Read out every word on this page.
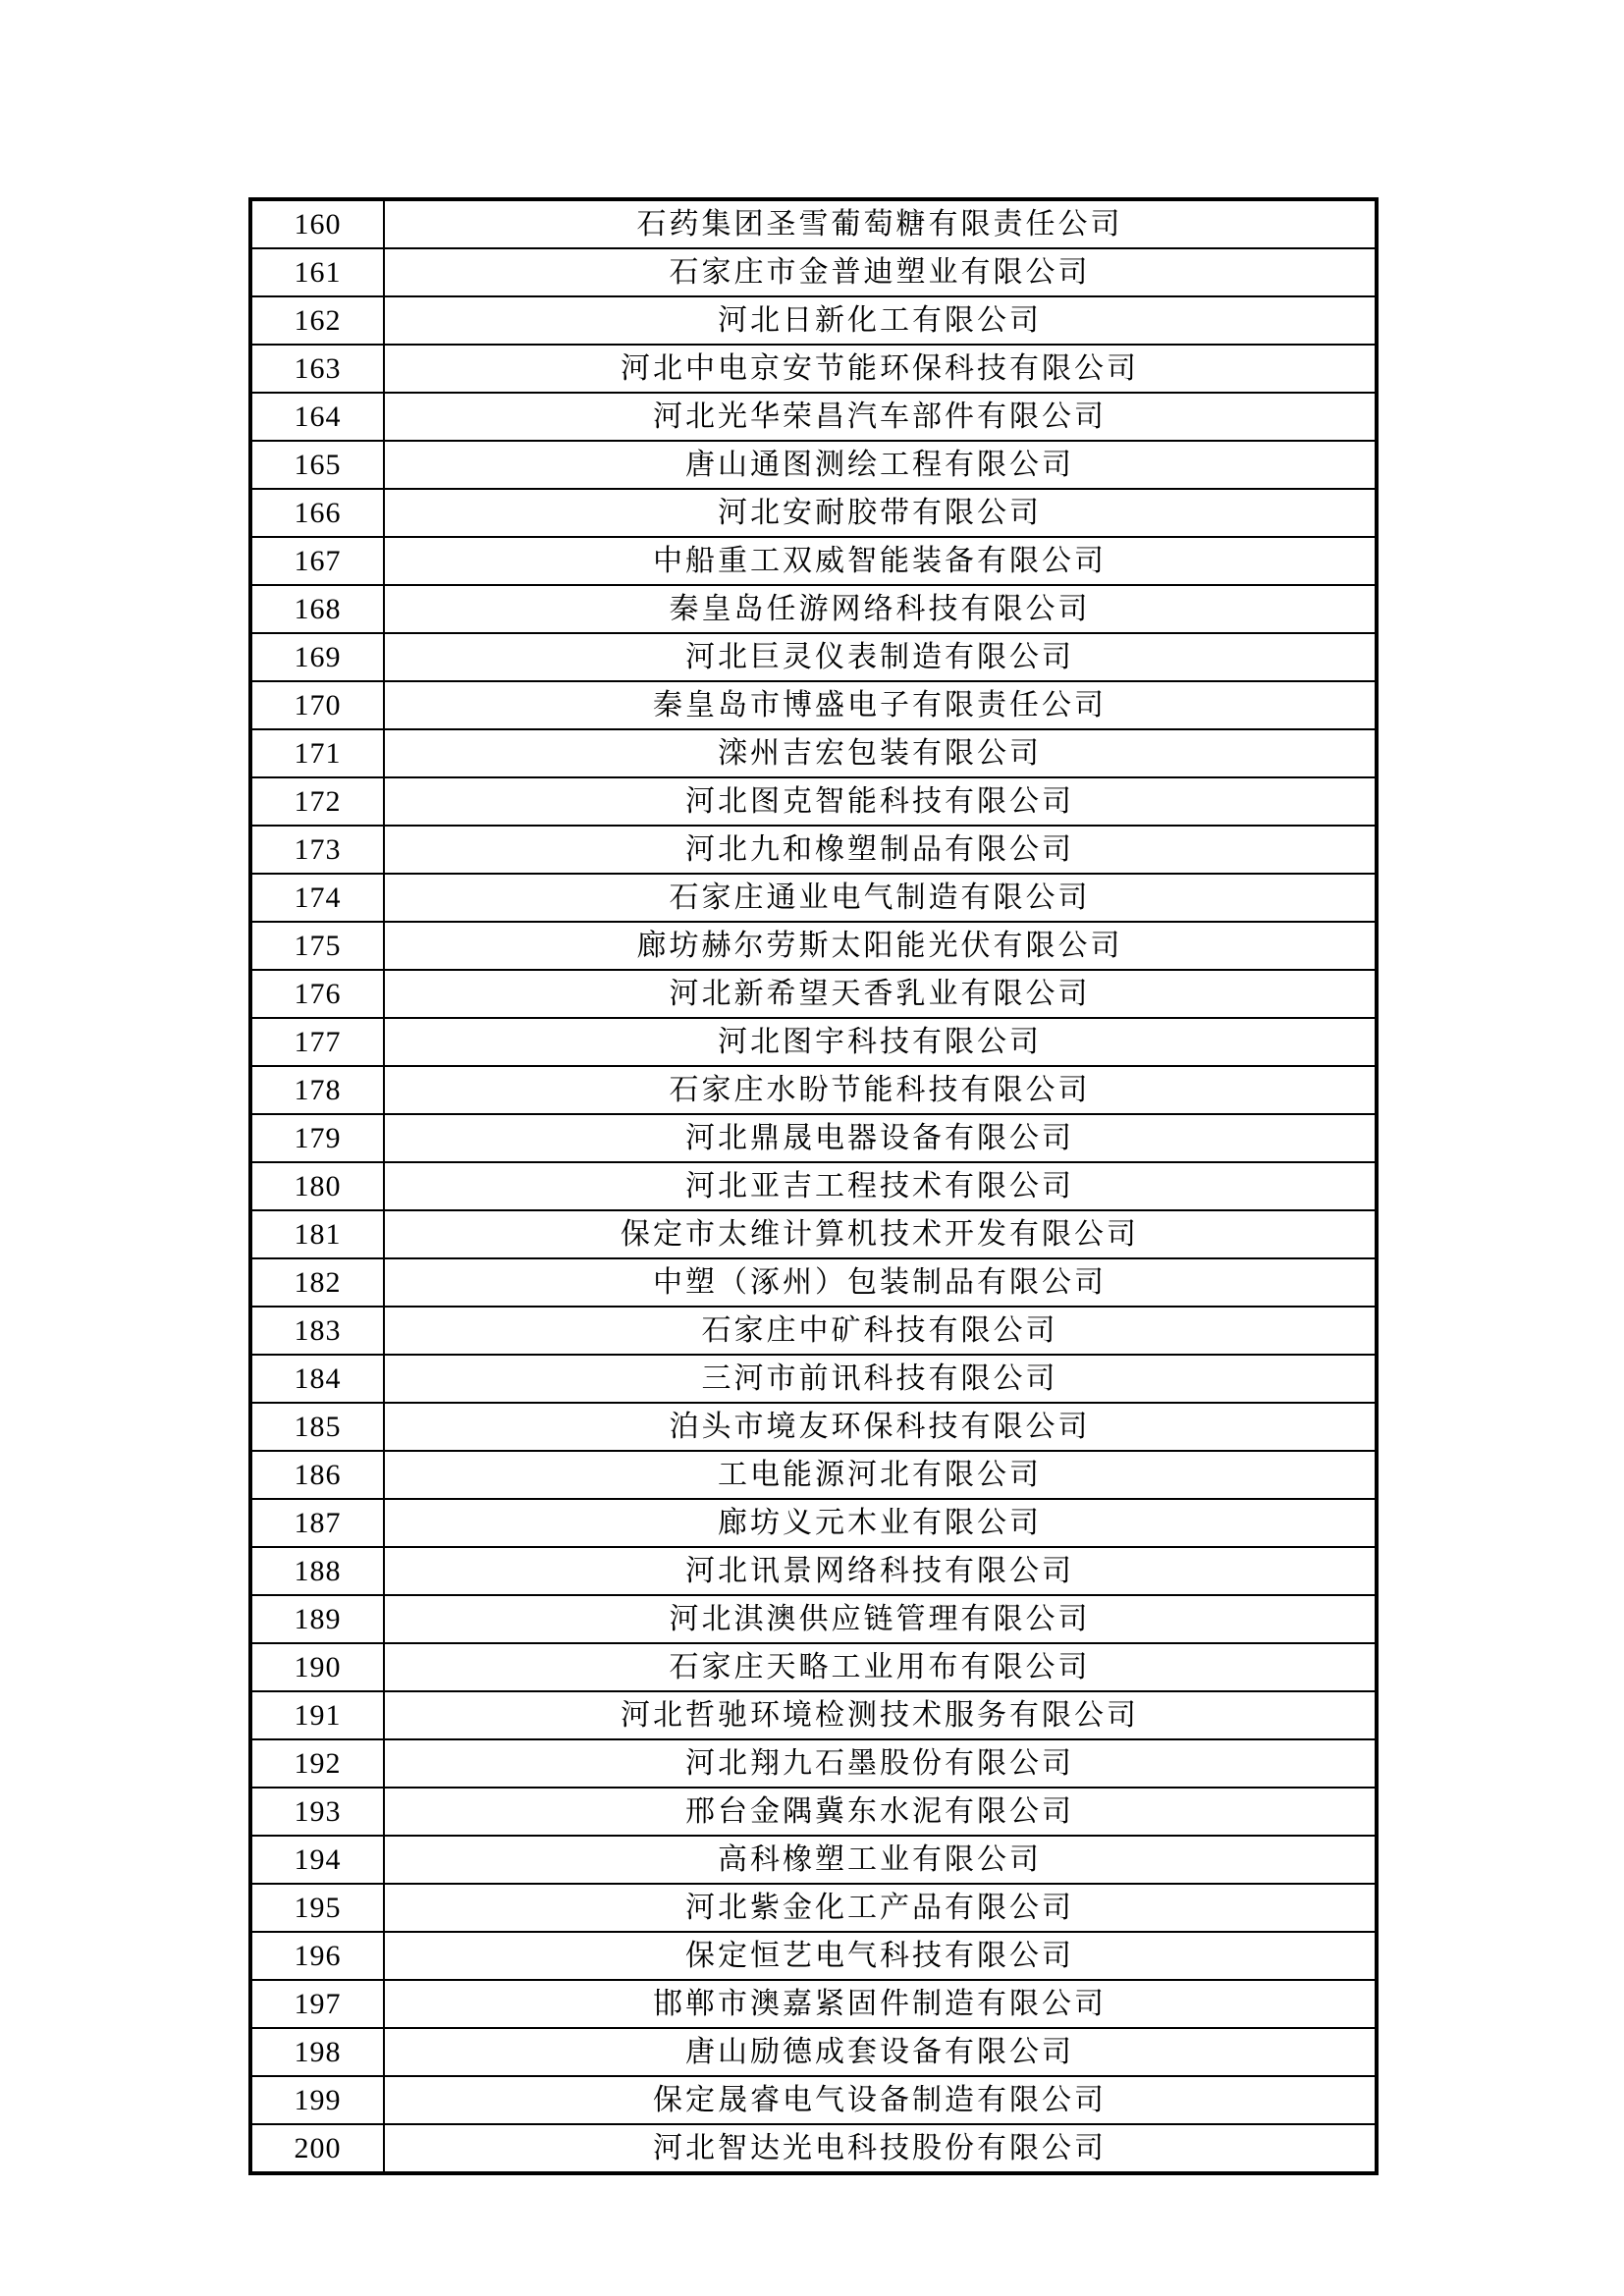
160	石药集团圣雪葡萄糖有限责任公司
161	石家庄市金普迪塑业有限公司
162	河北日新化工有限公司
163	河北中电京安节能环保科技有限公司
164	河北光华荣昌汽车部件有限公司
165	唐山通图测绘工程有限公司
166	河北安耐胶带有限公司
167	中船重工双威智能装备有限公司
168	秦皇岛任游网络科技有限公司
169	河北巨灵仪表制造有限公司
170	秦皇岛市博盛电子有限责任公司
171	滦州吉宏包装有限公司
172	河北图克智能科技有限公司
173	河北九和橡塑制品有限公司
174	石家庄通业电气制造有限公司
175	廊坊赫尔劳斯太阳能光伏有限公司
176	河北新希望天香乳业有限公司
177	河北图宇科技有限公司
178	石家庄水盼节能科技有限公司
179	河北鼎晟电器设备有限公司
180	河北亚吉工程技术有限公司
181	保定市太维计算机技术开发有限公司
182	中塑（涿州）包装制品有限公司
183	石家庄中矿科技有限公司
184	三河市前讯科技有限公司
185	泊头市境友环保科技有限公司
186	工电能源河北有限公司
187	廊坊义元木业有限公司
188	河北讯景网络科技有限公司
189	河北淇澳供应链管理有限公司
190	石家庄天略工业用布有限公司
191	河北哲驰环境检测技术服务有限公司
192	河北翔九石墨股份有限公司
193	邢台金隅冀东水泥有限公司
194	高科橡塑工业有限公司
195	河北紫金化工产品有限公司
196	保定恒艺电气科技有限公司
197	邯郸市澳嘉紧固件制造有限公司
198	唐山励德成套设备有限公司
199	保定晟睿电气设备制造有限公司
200	河北智达光电科技股份有限公司
